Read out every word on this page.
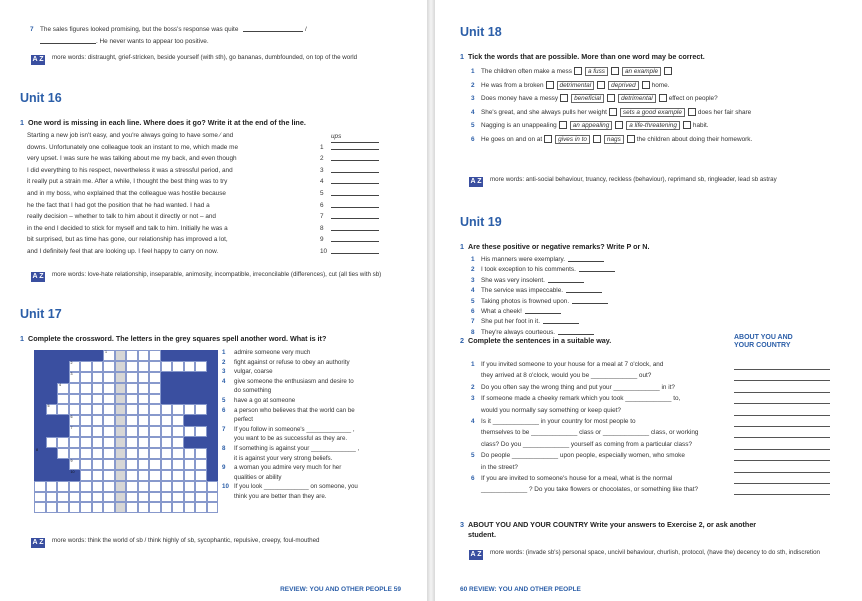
7 The sales figures looked promising, but the boss's response was quite	/
. He never wants to appear too positive.
A Z more words: distraught, grief-stricken, beside yourself (with sth), go bananas, dumbfounded, on top of the world
Unit 16
1 One word is missing in each line. Where does it go? Write it at the end of the line.
Starting a new job isn't easy, and you're always going to have some ⁄ and	ups
downs. Unfortunately one colleague took an instant to me, which made me	1
very upset. I was sure he was talking about me my back, and even though	2
I did everything to his respect, nevertheless it was a stressful period, and	3
it really put a strain me. After a while, I thought the best thing was to try	4
and in my boss, who explained that the colleague was hostile because	5
he the fact that I had got the position that he had wanted. I had a	6
really decision – whether to talk to him about it directly or not – and	7
in the end I decided to stick for myself and talk to him. Initially he was a	8
bit surprised, but as time has gone, our relationship has improved a lot,	9
and I definitely feel that are looking up. I feel happy to carry on now.	10
A Z more words: love-hate relationship, inseparable, animosity, incompatible, irreconcilable (differences), cut (all ties with sb)
Unit 17
1 Complete the crossword. The letters in the grey squares spell another word. What is it?
1
2
3
4
5
6
7
8
9
10
1 admire someone very much
2 fight against or refuse to obey an authority
3 vulgar, coarse
4 give someone the enthusiasm and desire to
do something
5 have a go at someone
6 a person who believes that the world can be
perfect
7 If you follow in someone's _____________ ,
you want to be as successful as they are.
8 If something is against your _____________ ,
it is against your very strong beliefs.
9 a woman you admire very much for her
qualities or ability
10 If you look _____________ on someone, you
think you are better than they are.
A Z more words: think the world of sb / think highly of sb, sycophantic, repulsive, creepy, foul-mouthed
REVIEW: YOU AND OTHER PEOPLE 59
Unit 18
1 Tick the words that are possible. More than one word may be correct.
1 The children often make a mess	a fuss	an example
2 He was from a broken	detrimental	deprived	home.
3 Does money have a messy	beneficial	detrimental	effect on people?
4 She's great, and she always pulls her weight	sets a good example	does her fair share
5 Nagging is an unappealing	an appealing	a life-threatening	habit.
6 He goes on and on at	gives in to	nags	the children about doing their homework.
A Z more words: anti-social behaviour, truancy, reckless (behaviour), reprimand sb, ringleader, lead sb astray
Unit 19
1 Are these positive or negative remarks? Write P or N.
1 His manners were exemplary.
2 I took exception to his comments.
3 She was very insolent.
4 The service was impeccable.
5 Taking photos is frowned upon.
6 What a cheek!
7 She put her foot in it.
8 They're always courteous.
2 Complete the sentences in a suitable way.	ABOUT YOU AND YOUR COUNTRY
1 If you invited someone to your house for a meal at 7 o'clock, and
they arrived at 8 o'clock, would you be _____________ out?
2 Do you often say the wrong thing and put your _____________ in it?
3 If someone made a cheeky remark which you took _____________ to,
would you normally say something or keep quiet?
4 Is it _____________ in your country for most people to
themselves to be _____________ class or _____________ class, or working
class? Do you _____________ yourself as coming from a particular class?
5 Do people _____________ upon people, especially women, who smoke
in the street?
6 If you are invited to someone's house for a meal, what is the normal
_____________ ? Do you take flowers or chocolates, or something like that?
3 ABOUT YOU AND YOUR COUNTRY Write your answers to Exercise 2, or ask another
student.
A Z more words: (invade sb's) personal space, uncivil behaviour, churlish, protocol, (have the) decency to do sth, indiscretion
60 REVIEW: YOU AND OTHER PEOPLE
